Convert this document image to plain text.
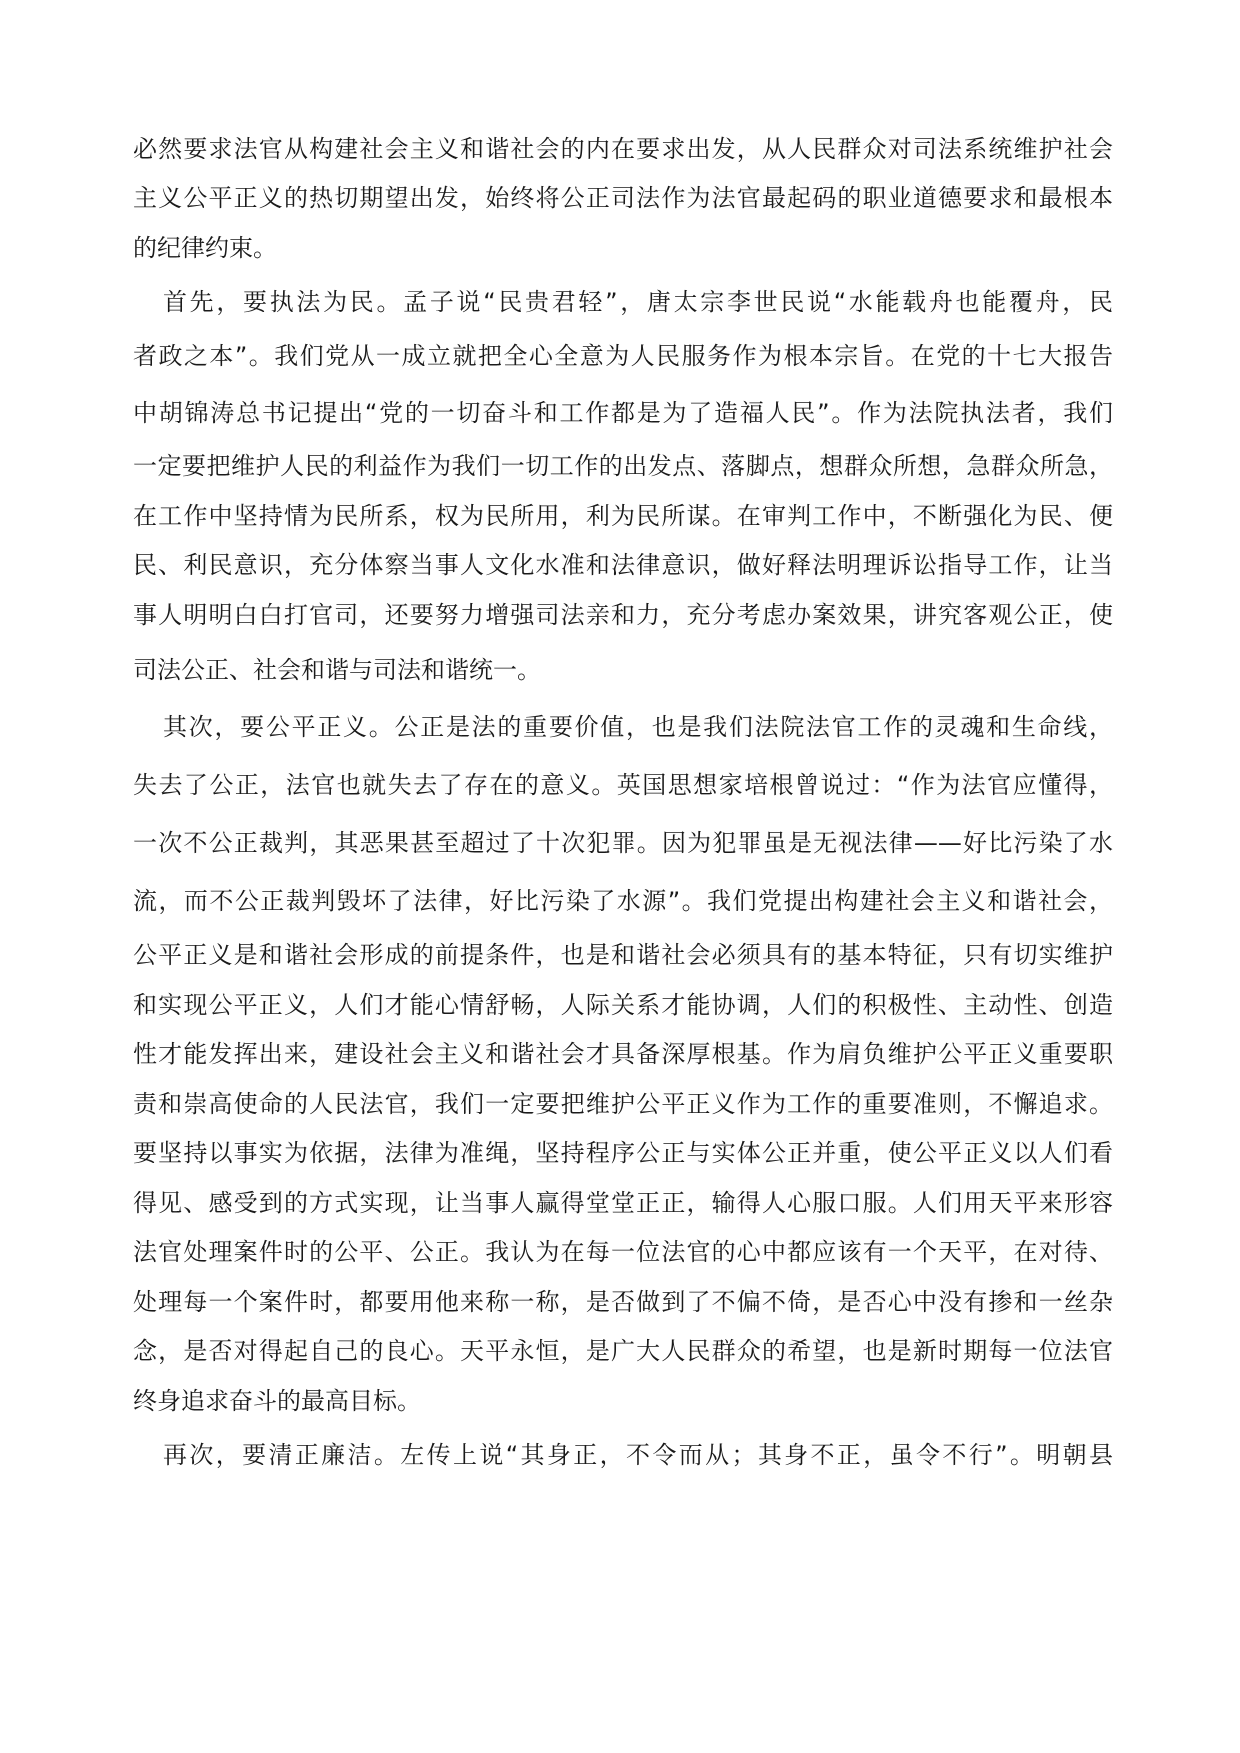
必然要求法官从构建社会主义和谐社会的内在要求出发，从人民群众对司法系统维护社会
主义公平正义的热切期望出发，始终将公正司法作为法官最起码的职业道德要求和最根本
的纪律约束。
首先，要执法为民。孟子说“民贵君轻”，唐太宗李世民说“水能载舟也能覆舟，民
者政之本”。我们党从一成立就把全心全意为人民服务作为根本宗旨。在党的十七大报告
中胡锦涛总书记提出“党的一切奋斗和工作都是为了造福人民”。作为法院执法者，我们
一定要把维护人民的利益作为我们一切工作的出发点、落脚点，想群众所想，急群众所急，
在工作中坚持情为民所系，权为民所用，利为民所谋。在审判工作中，不断强化为民、便
民、利民意识，充分体察当事人文化水准和法律意识，做好释法明理诉讼指导工作，让当
事人明明白白打官司，还要努力增强司法亲和力，充分考虑办案效果，讲究客观公正，使
司法公正、社会和谐与司法和谐统一。
其次，要公平正义。公正是法的重要价值，也是我们法院法官工作的灵魂和生命线，
失去了公正，法官也就失去了存在的意义。英国思想家培根曾说过：“作为法官应懂得，
一次不公正裁判，其恶果甚至超过了十次犯罪。因为犯罪虽是无视法律——好比污染了水
流，而不公正裁判毁坏了法律，好比污染了水源”。我们党提出构建社会主义和谐社会，
公平正义是和谐社会形成的前提条件，也是和谐社会必须具有的基本特征，只有切实维护
和实现公平正义，人们才能心情舒畅，人际关系才能协调，人们的积极性、主动性、创造
性才能发挥出来，建设社会主义和谐社会才具备深厚根基。作为肩负维护公平正义重要职
责和崇高使命的人民法官，我们一定要把维护公平正义作为工作的重要准则，不懈追求。
要坚持以事实为依据，法律为准绳，坚持程序公正与实体公正并重，使公平正义以人们看
得见、感受到的方式实现，让当事人赢得堂堂正正，输得人心服口服。人们用天平来形容
法官处理案件时的公平、公正。我认为在每一位法官的心中都应该有一个天平，在对待、
处理每一个案件时，都要用他来称一称，是否做到了不偏不倚，是否心中没有掺和一丝杂
念，是否对得起自己的良心。天平永恒，是广大人民群众的希望，也是新时期每一位法官
终身追求奋斗的最高目标。
再次，要清正廉洁。左传上说“其身正，不令而从；其身不正，虽令不行”。明朝县
